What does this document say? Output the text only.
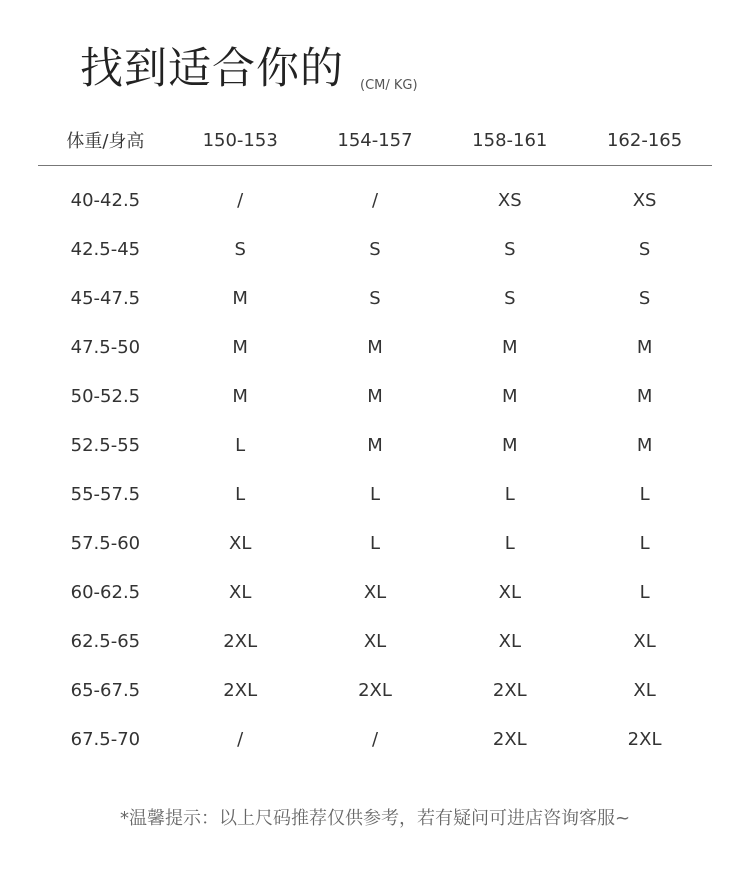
找到适合你的 (CM/ KG)
体重/身高	150-153	154-157	158-161	162-165
40-42.5	/	/	XS	XS
42.5-45	S	S	S	S
45-47.5	M	S	S	S
47.5-50	M	M	M	M
50-52.5	M	M	M	M
52.5-55	L	M	M	M
55-57.5	L	L	L	L
57.5-60	XL	L	L	L
60-62.5	XL	XL	XL	L
62.5-65	2XL	XL	XL	XL
65-67.5	2XL	2XL	2XL	XL
67.5-70	/	/	2XL	2XL
*温馨提示：以上尺码推荐仅供参考，若有疑问可进店咨询客服~
